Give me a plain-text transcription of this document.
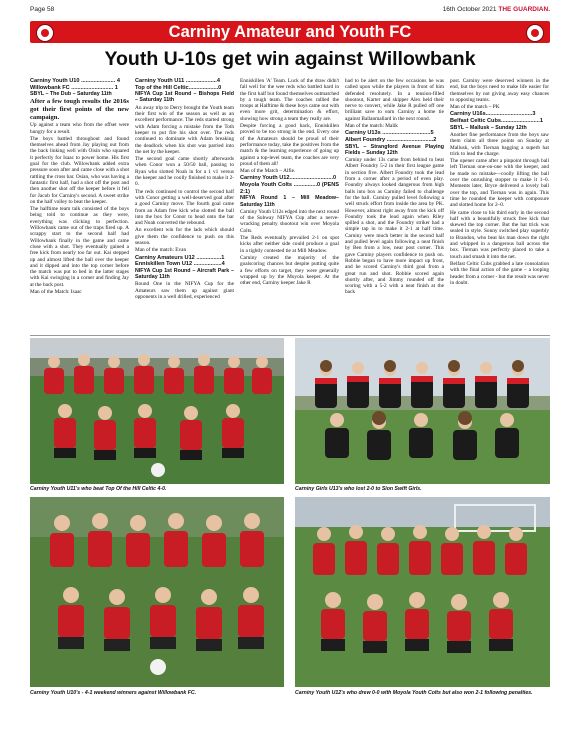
Page 58	16th October 2021 THE GUARDIAN.
Carniny Amateur and Youth FC
Youth U-10s get win against Willowbank

Carniny Youth U10 ...................... 4

Willowbank FC ........................... 1

SBYL – The Dub – Saturday 11th

After a few tough results the 2016s got their first points of the new campaign.

Up against a team who from the offset were hungry for a result.

The boys battled throughout and found themselves ahead from Jay playing out from the back linking well with Oisin who squared it perfectly for Isaac to power home. His first goal for the club. Willowbank added extra pressure soon after and came close with a shot rattling the cross bar. Osian, who was having a fantastic first half, had a shot off the post and then another shot off the keeper before it fell for Jacob for Carniny's second. A sweet strike on the half volley to beat the keeper.

The halftime team talk consisted of the boys being told to continue as they were, everything was clicking to perfection. Willowbank came out of the traps fired up. A scrappy start to the second half had Willowbank finally in the game and came close with a shot. They eventually gained a free kick from nearly too far out. Kai stepped up and almost lifted the ball over the keeper and it dipped and into the top corner before the match was put to bed in the latter stages with Kai swinging in a corner and finding Jay at the back post.

Man of the Match: Isaac

Carniny Youth U11 ....................4

Top of the Hill Celtic...................0

NIFYA Cup 1st Round – Bishops Field – Saturday 11th

An away trip to Derry brought the Youth team their first win of the season as well as an excellent performance. The reds started strong with Adam forcing a mistake from the Toth keeper to put fire his shot over. The reds continued to dominate with Adam breaking the deadlock when his shot was parried into the net by the keeper.

The second goal came shortly afterwards when Conor won a 50/50 ball, passing to Ryan who slotted Noah in for a 1 v1 versus the keeper and he coolly finished to make it 2-0.

The reds continued to control the second half with Conor getting a well-deserved goal after a good Carniny move. The fourth goal came from an Adam free kick who slotted the ball into the box for Conor to head onto the bar and Noah converted the rebound.

An excellent win for the lads which should give them the confidence to push on this season.

Man of the match: Evan

Carniny Amateurs U12 ................1

Enniskillen Town U12 ..................4

NIFYA Cup 1st Round – Aircraft Park – Saturday 11th

Round One in the NIFYA Cup for the Amateurs saw them up against giant opponents in a well drilled, experienced

Enniskillen 'A' Team. Luck of the draw didn't fall well for the wee reds who battled hard in the first half but found themselves outmatched by a tough team. The coaches rallied the troops at Halftime & these boys came out with even more grit, determination & effort, showing how strong a team they really are.

Despite forcing a good hack, Enniskillen proved to be too strong in the end. Every one of the Amateurs should be proud of their performance today, take the positives from the match & the learning experience of going up against a top-level team, the coaches are very proud of them all!

Man of the Match – Alfie.

Carniny Youth U12............................0

Moyola Youth Colts ...............0 (PENS 2:1)

NIFYA Round 1 – Mill Meadow– Saturday 11th

Carniny Youth U12s edged into the next round of the Subway NIFYA Cup after a nerve-wracking penalty shootout win over Moyola Colts.

The Reds eventually prevailed 2-1 on spot kicks after neither side could produce a goal in a tightly contested tie at Mill Meadow.

Carniny created the majority of the goalscoring chances but despite putting quite a few efforts on target, they were generally wrapped up by the Moyola keeper. At the other end, Carniny keeper Jake R

had to be alert on the few occasions he was called upon while the players in front of him defended resolutely. In a tension-filled shootout, Karter and skipper Alex held their nerve to convert, while Jake R pulled off one brilliant save to earn Carniny a home tie against Ballanmallard in the next round.

Man of the match: Malik

Carniny U13s ...............................5

Albert Foundry ..............................2

SBYL – Strangford Avenue Playing Fields – Sunday 12th

Carniny under 13s came from behind to beat Albert Foundry 5-2 in their first league game in section five. Albert Foundry took the lead from a corner after a period of even play. Foundry always looked dangerous from high balls into box as Carniny failed to challenge for the ball. Carniny pulled level following a well struck effort from inside the area by PK. However, almost right away from the kick off Foundry took the lead again when Riley spilled a shot, and the Foundry striker had a simple tap in to make it 2-1 at half time. Carniny were much better in the second half and pulled level again following a neat finish by Ben from a low, near post corner. This gave Carniny players confidence to push on. Robbie began to have more impact up front, and he scored Carniny's third goal from a great run and shot. Robbie scored again shortly after, and Jimmy rounded off the scoring with a 5-2 with a neat finish at the back

post. Carniny were deserved winners in the end, but the boys need to make life easier for themselves by not giving away easy chances to opposing teams.

Man of the match – PK

Carniny U16s..............................3

Belfast Celtic Cubs.........................1

SBYL – Mallusk – Sunday 12th

Another fine performance from the boys saw them claim all three points on Sunday at Mallusk, with Tiernan bagging a superb hat trick to lead the charge.

The opener came after a pinpoint through ball left Tiernan one-on-one with the keeper, and he made no mistake—coolly lifting the ball over the onrushing stopper to make it 1–0. Moments later, Bryce delivered a lovely ball over the top, and Tiernan was in again. This time he rounded the keeper with composure and slotted home for 2–0.

He came close to his third early in the second half with a beautifully struck free kick that skewed the top corner. But the hat trick was sealed in style. Sonny switched play superbly to Brandon, who beat his man down the right and whipped in a dangerous ball across the box. Tiernan was perfectly placed to take a touch and smash it into the net.

Belfast Celtic Cubs grabbed a late consolation with the final action of the game – a looping header from a corner - but the result was never in doubt.

Carniny Youth U11's who beat Top Of the Hill Celtic 4-0.	Carniny Girls U13's who lost 2-0 to Sion Swift Girls.
Carniny Youth U10's - 4-1 weekend winners against Willowbank FC.	Carniny Youth U12's who drew 0-0 with Moyola Youth Colts but also won 2-1 following penalties.
